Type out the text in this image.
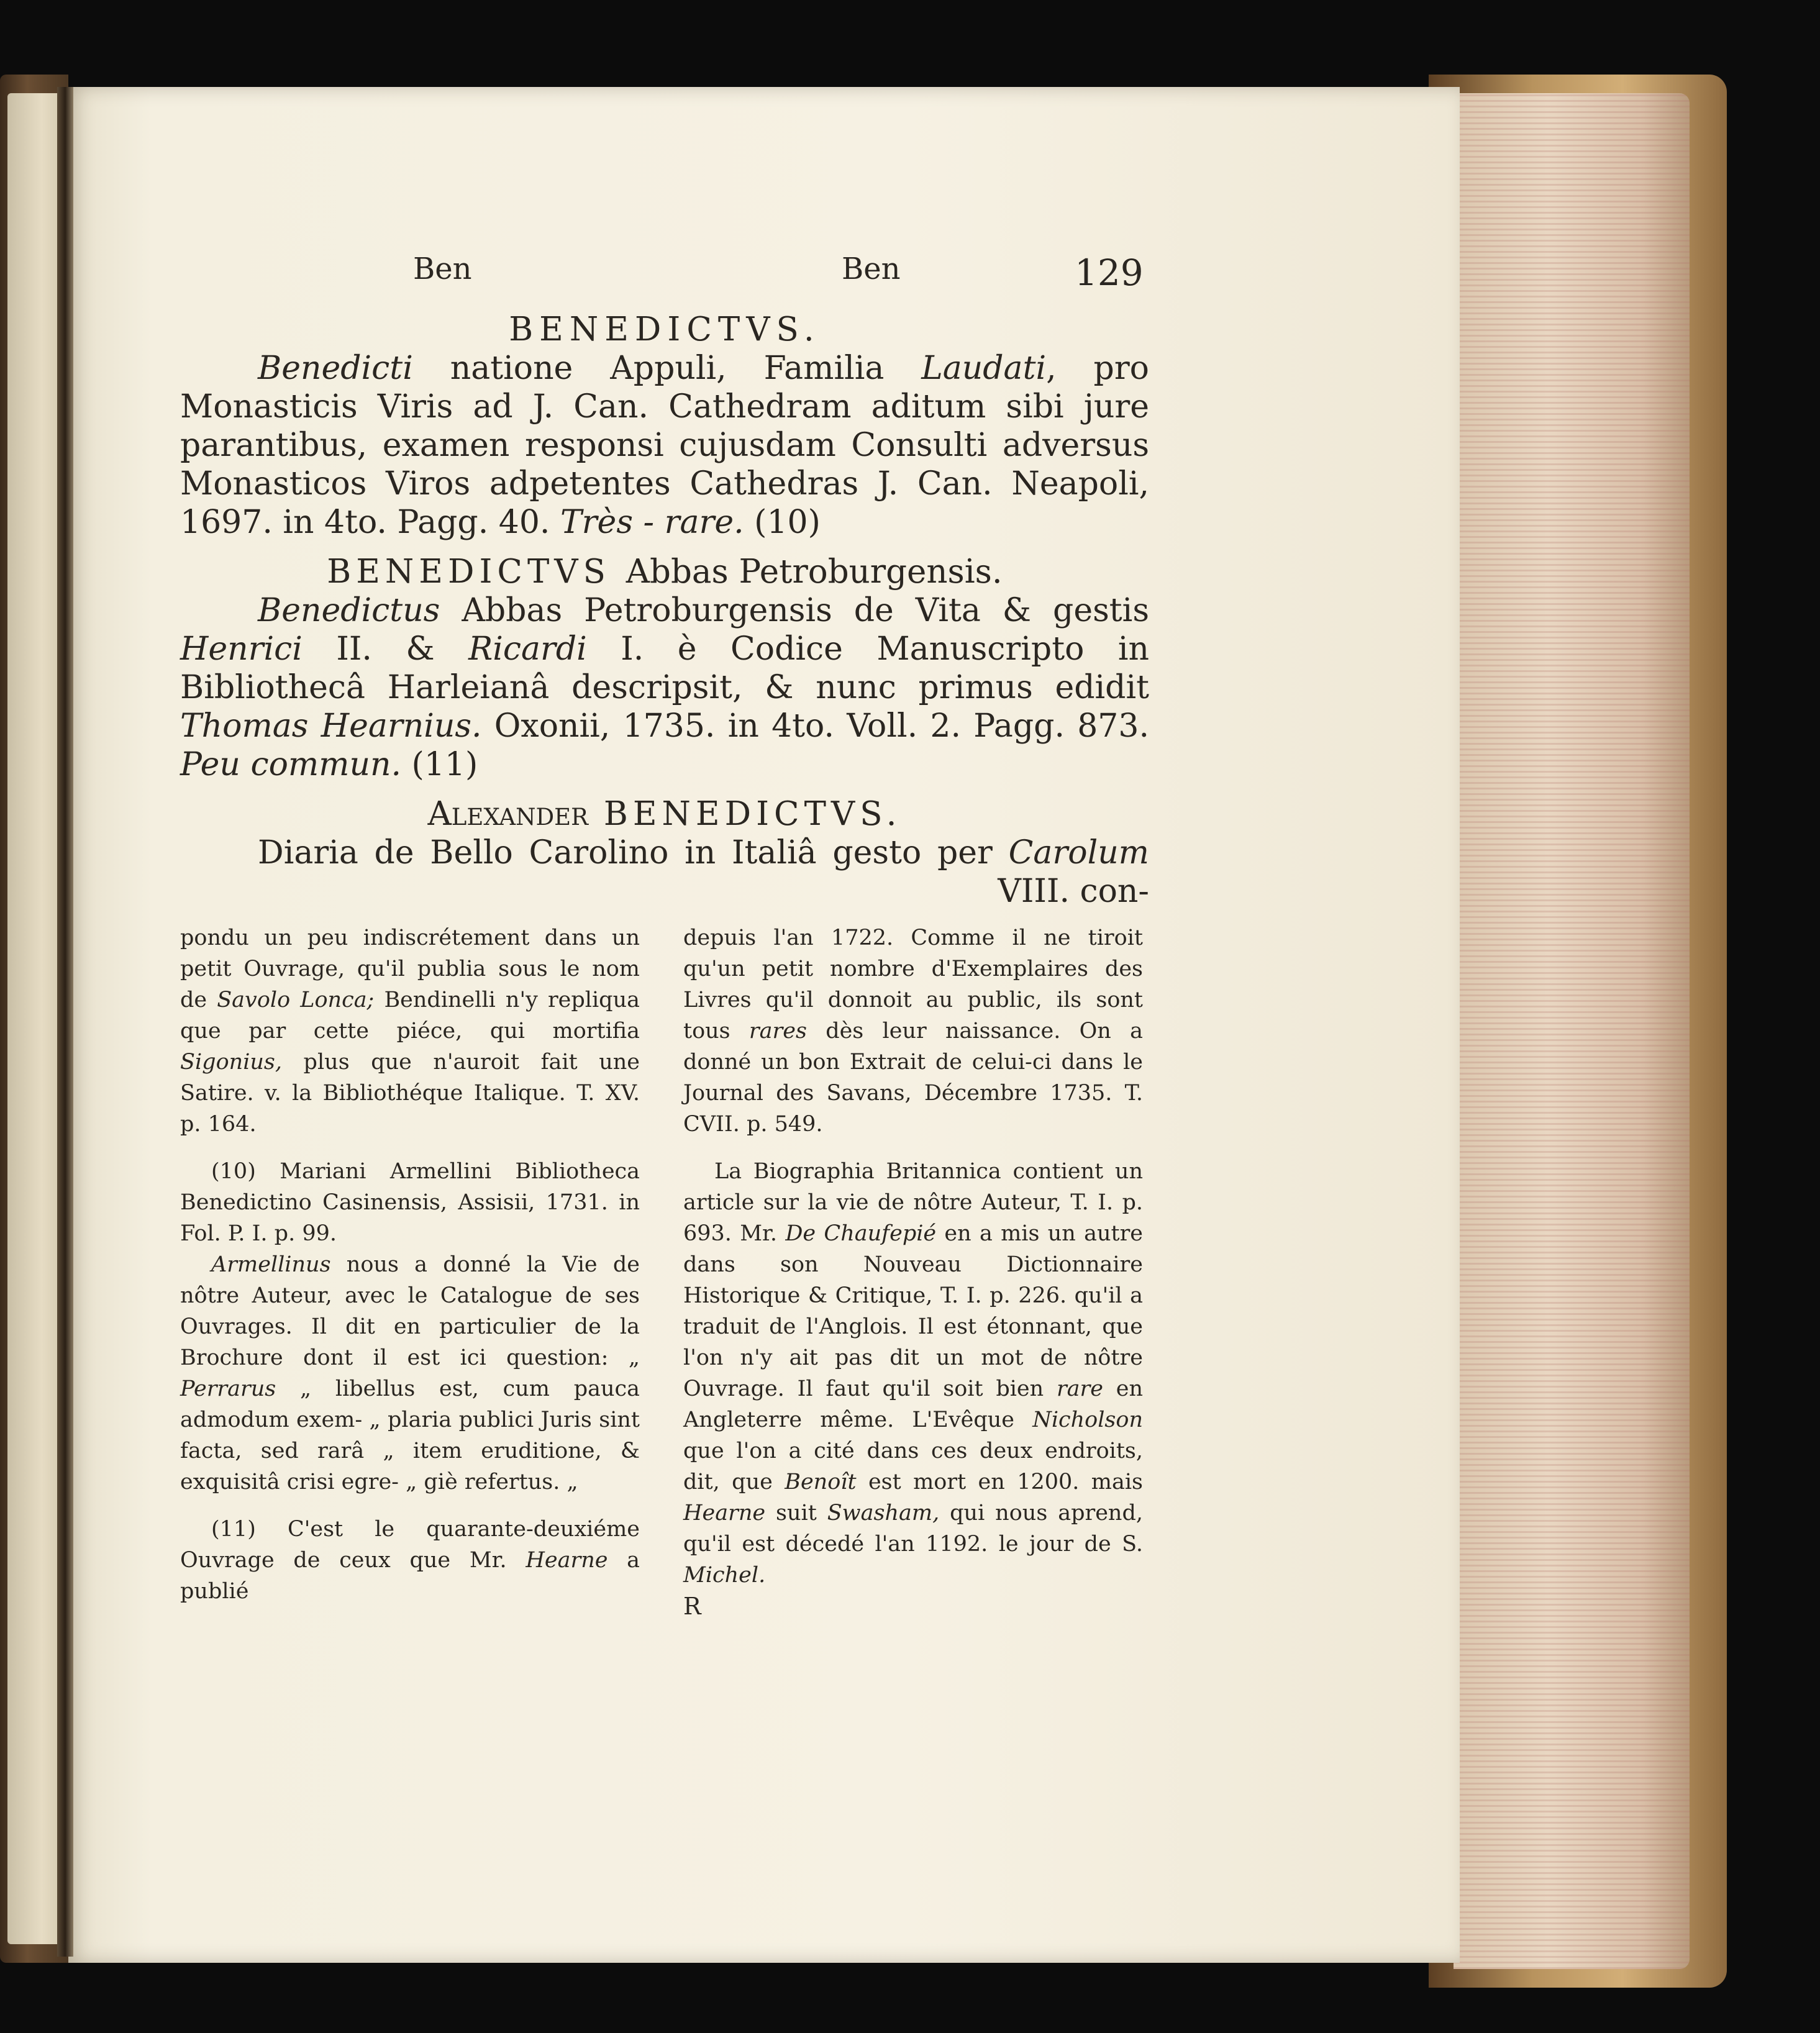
Ben	Ben	129
BENEDICTVS.

Benedicti natione Appuli, Familia Laudati, pro Monasticis Viris ad J. Can. Cathedram aditum sibi jure parantibus, examen responsi cujusdam Consulti adversus Monasticos Viros adpetentes Cathedras J. Can. Neapoli, 1697. in 4to. Pagg. 40. Très - rare. (10)

BENEDICTVS Abbas Petroburgensis.

Benedictus Abbas Petroburgensis de Vita & gestis Henrici II. & Ricardi I. è Codice Manuscripto in Bibliothecâ Harleianâ descripsit, & nunc primus edidit Thomas Hearnius. Oxonii, 1735. in 4to. Voll. 2. Pagg. 873. Peu commun. (11)

Alexander BENEDICTVS.

Diaria de Bello Carolino in Italiâ gesto per Carolum VIII. con-

pondu un peu indiscrétement dans un petit Ouvrage, qu'il publia sous le nom de Savolo Lonca; Bendinelli n'y repliqua que par cette piéce, qui mortifia Sigonius, plus que n'auroit fait une Satire. v. la Bibliothéque Italique. T. XV. p. 164.

(10) Mariani Armellini Bibliotheca Benedictino Casinensis, Assisii, 1731. in Fol. P. I. p. 99.

Armellinus nous a donné la Vie de nôtre Auteur, avec le Catalogue de ses Ouvrages. Il dit en particulier de la Brochure dont il est ici question: „ Perrarus „ libellus est, cum pauca admodum exem- „ plaria publici Juris sint facta, sed rarâ „ item eruditione, & exquisitâ crisi egre- „ giè refertus. „

(11) C'est le quarante-deuxiéme Ouvrage de ceux que Mr. Hearne a publié

depuis l'an 1722. Comme il ne tiroit qu'un petit nombre d'Exemplaires des Livres qu'il donnoit au public, ils sont tous rares dès leur naissance. On a donné un bon Extrait de celui-ci dans le Journal des Savans, Décembre 1735. T. CVII. p. 549.

La Biographia Britannica contient un article sur la vie de nôtre Auteur, T. I. p. 693. Mr. De Chaufepié en a mis un autre dans son Nouveau Dictionnaire Historique & Critique, T. I. p. 226. qu'il a traduit de l'Anglois. Il est étonnant, que l'on n'y ait pas dit un mot de nôtre Ouvrage. Il faut qu'il soit bien rare en Angleterre même. L'Evêque Nicholson que l'on a cité dans ces deux endroits, dit, que Benoît est mort en 1200. mais Hearne suit Swasham, qui nous aprend, qu'il est décedé l'an 1192. le jour de S. Michel.

R
